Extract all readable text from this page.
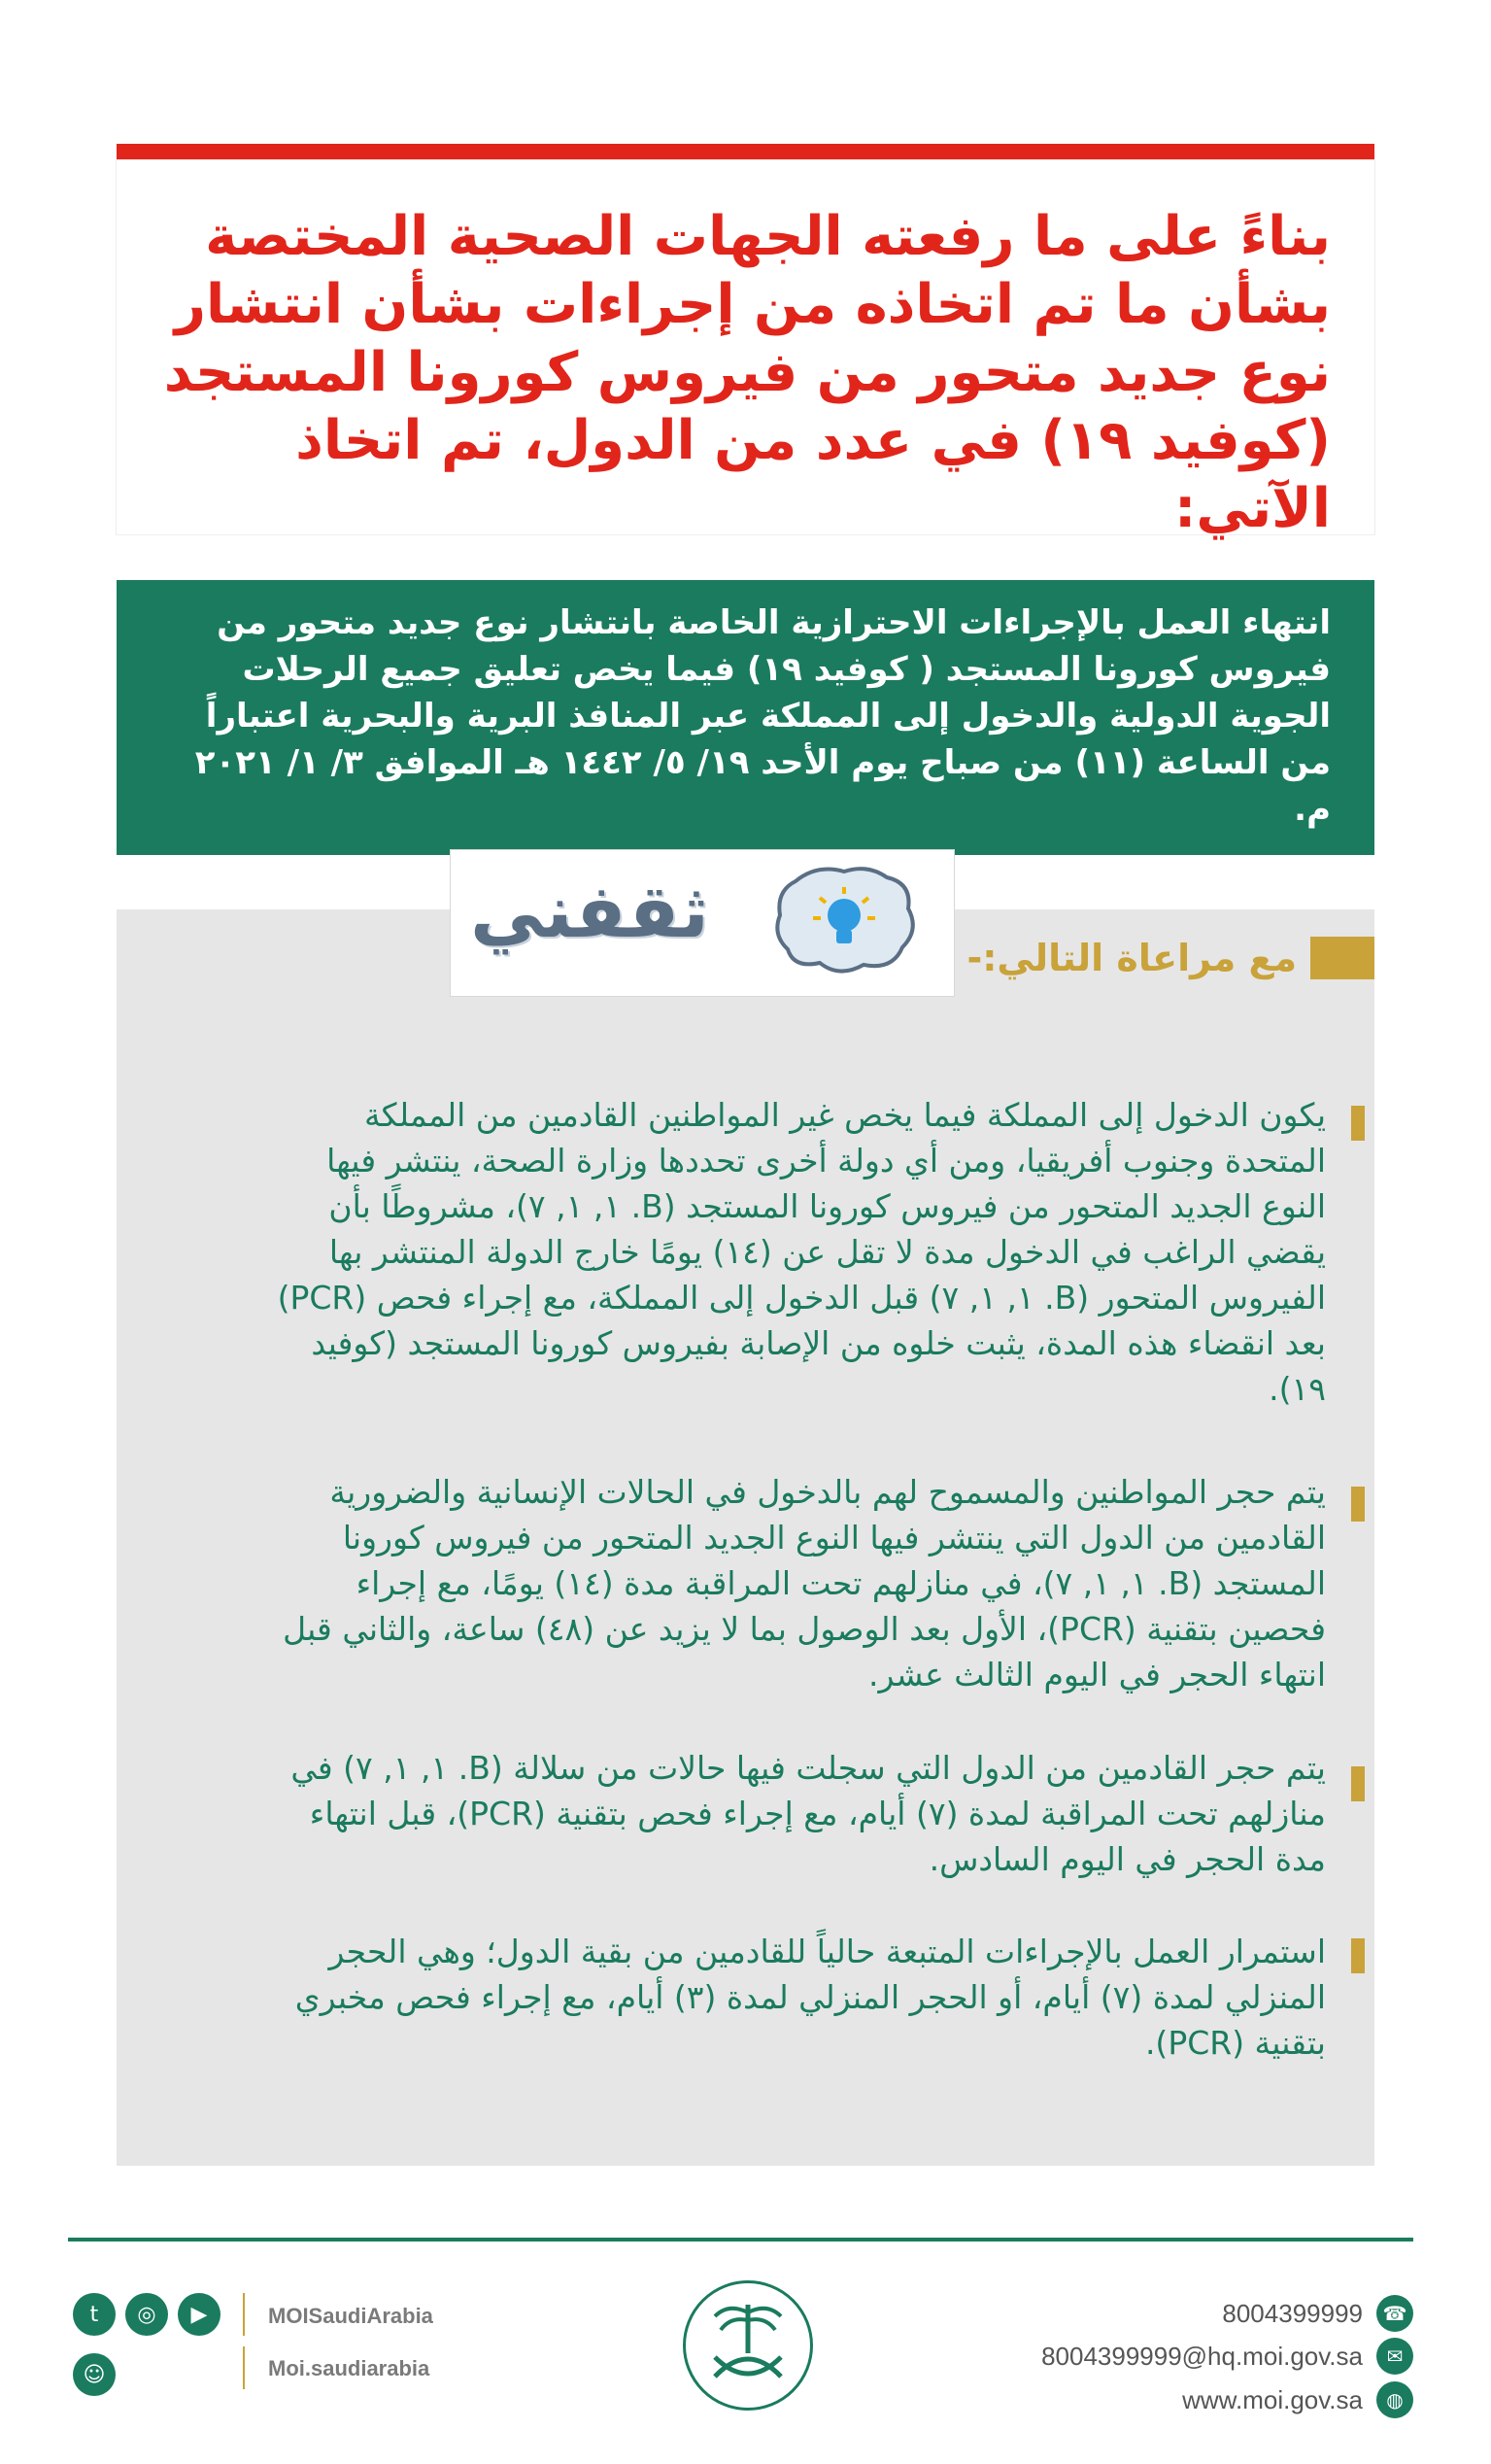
بناءً على ما رفعته الجهات الصحية المختصة بشأن ما تم اتخاذه من إجراءات بشأن انتشار نوع جديد متحور من فيروس كورونا المستجد (كوفيد ١٩) في عدد من الدول، تم اتخاذ الآتي:

انتهاء العمل بالإجراءات الاحترازية الخاصة بانتشار نوع جديد متحور من فيروس كورونا المستجد ( كوفيد ١٩) فيما يخص تعليق جميع الرحلات الجوية الدولية والدخول إلى المملكة عبر المنافذ البرية والبحرية اعتباراً من الساعة (١١) من صباح يوم الأحد ١٩/ ٥/ ١٤٤٢ هـ الموافق ٣/ ١/ ٢٠٢١ م.

مع مراعاة التالي:-
ثقفني

يكون الدخول إلى المملكة فيما يخص غير المواطنين القادمين من المملكة المتحدة وجنوب أفريقيا، ومن أي دولة أخرى تحددها وزارة الصحة، ينتشر فيها النوع الجديد المتحور من فيروس كورونا المستجد (B. ١, ١, ٧)، مشروطًا بأن يقضي الراغب في الدخول مدة لا تقل عن (١٤) يومًا خارج الدولة المنتشر بها الفيروس المتحور (B. ١, ١, ٧) قبل الدخول إلى المملكة، مع إجراء فحص (PCR) بعد انقضاء هذه المدة، يثبت خلوه من الإصابة بفيروس كورونا المستجد (كوفيد ١٩).

يتم حجر المواطنين والمسموح لهم بالدخول في الحالات الإنسانية والضرورية القادمين من الدول التي ينتشر فيها النوع الجديد المتحور من فيروس كورونا المستجد (B. ١, ١, ٧)، في منازلهم تحت المراقبة مدة (١٤) يومًا، مع إجراء فحصين بتقنية (PCR)، الأول بعد الوصول بما لا يزيد عن (٤٨) ساعة، والثاني قبل انتهاء الحجر في اليوم الثالث عشر.

يتم حجر القادمين من الدول التي سجلت فيها حالات من سلالة (B. ١, ١, ٧) في منازلهم تحت المراقبة لمدة (٧) أيام، مع إجراء فحص بتقنية (PCR)، قبل انتهاء مدة الحجر في اليوم السادس.

استمرار العمل بالإجراءات المتبعة حالياً للقادمين من بقية الدول؛ وهي الحجر المنزلي لمدة (٧) أيام، أو الحجر المنزلي لمدة (٣) أيام، مع إجراء فحص مخبري بتقنية (PCR).

t	◎	▶
☺
MOISaudiArabia
Moi.saudiarabia
8004399999	☎
8004399999@hq.moi.gov.sa	✉
www.moi.gov.sa	◍
